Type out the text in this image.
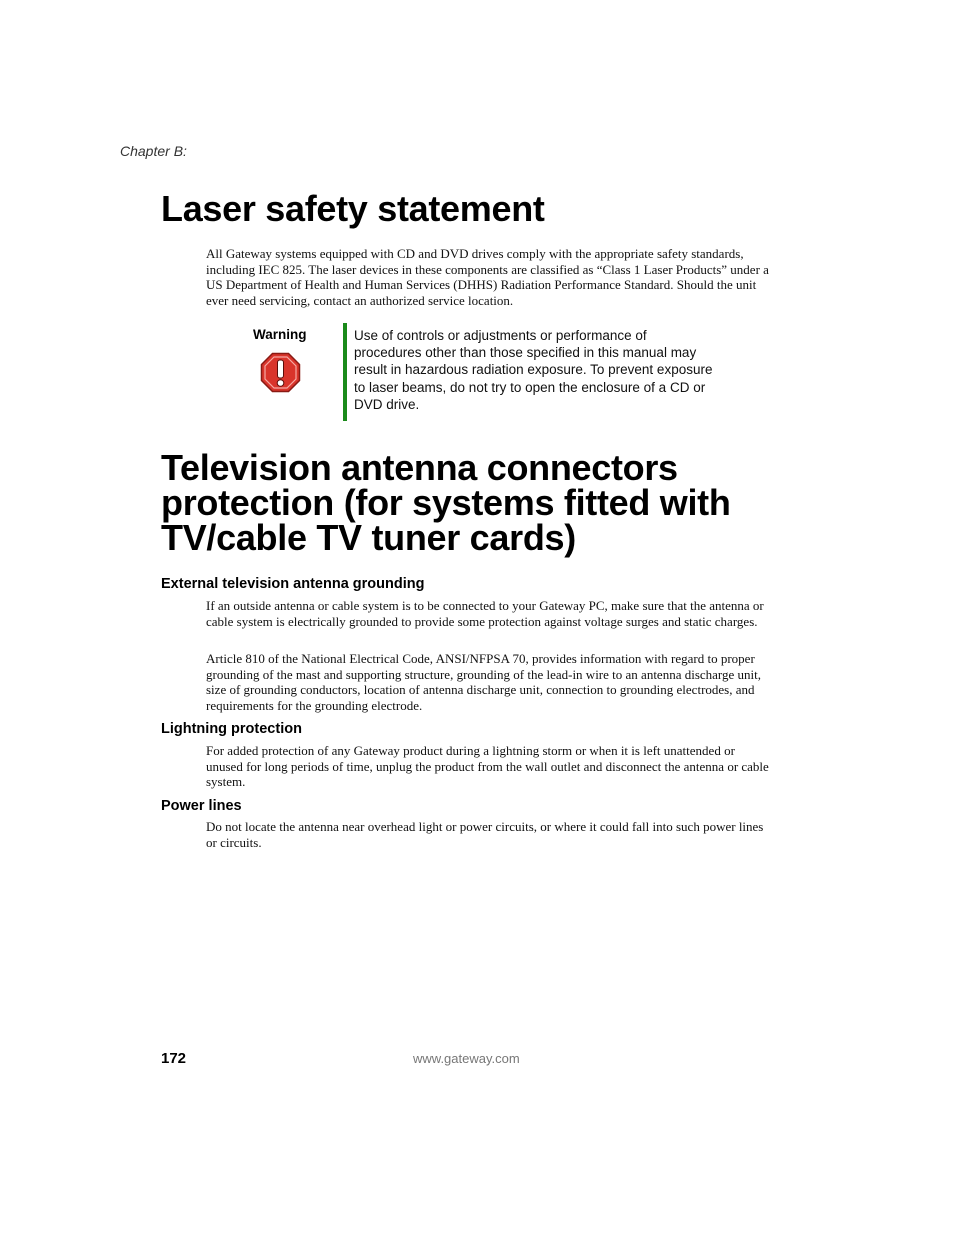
Chapter B:
Laser safety statement

All Gateway systems equipped with CD and DVD drives comply with the appropriate safety standards, including IEC 825. The laser devices in these components are classified as “Class 1 Laser Products” under a US Department of Health and Human Services (DHHS) Radiation Performance Standard. Should the unit ever need servicing, contact an authorized service location.

Warning	Use of controls or adjustments or performance of procedures other than those specified in this manual may result in hazardous radiation exposure. To prevent exposure to laser beams, do not try to open the enclosure of a CD or DVD drive.

Television antenna connectors protection (for systems fitted with TV/cable TV tuner cards)
External television antenna grounding

If an outside antenna or cable system is to be connected to your Gateway PC, make sure that the antenna or cable system is electrically grounded to provide some protection against voltage surges and static charges.

Article 810 of the National Electrical Code, ANSI/NFPSA 70, provides information with regard to proper grounding of the mast and supporting structure, grounding of the lead-in wire to an antenna discharge unit, size of grounding conductors, location of antenna discharge unit, connection to grounding electrodes, and requirements for the grounding electrode.

Lightning protection

For added protection of any Gateway product during a lightning storm or when it is left unattended or unused for long periods of time, unplug the product from the wall outlet and disconnect the antenna or cable system.

Power lines

Do not locate the antenna near overhead light or power circuits, or where it could fall into such power lines or circuits.

172	www.gateway.com
